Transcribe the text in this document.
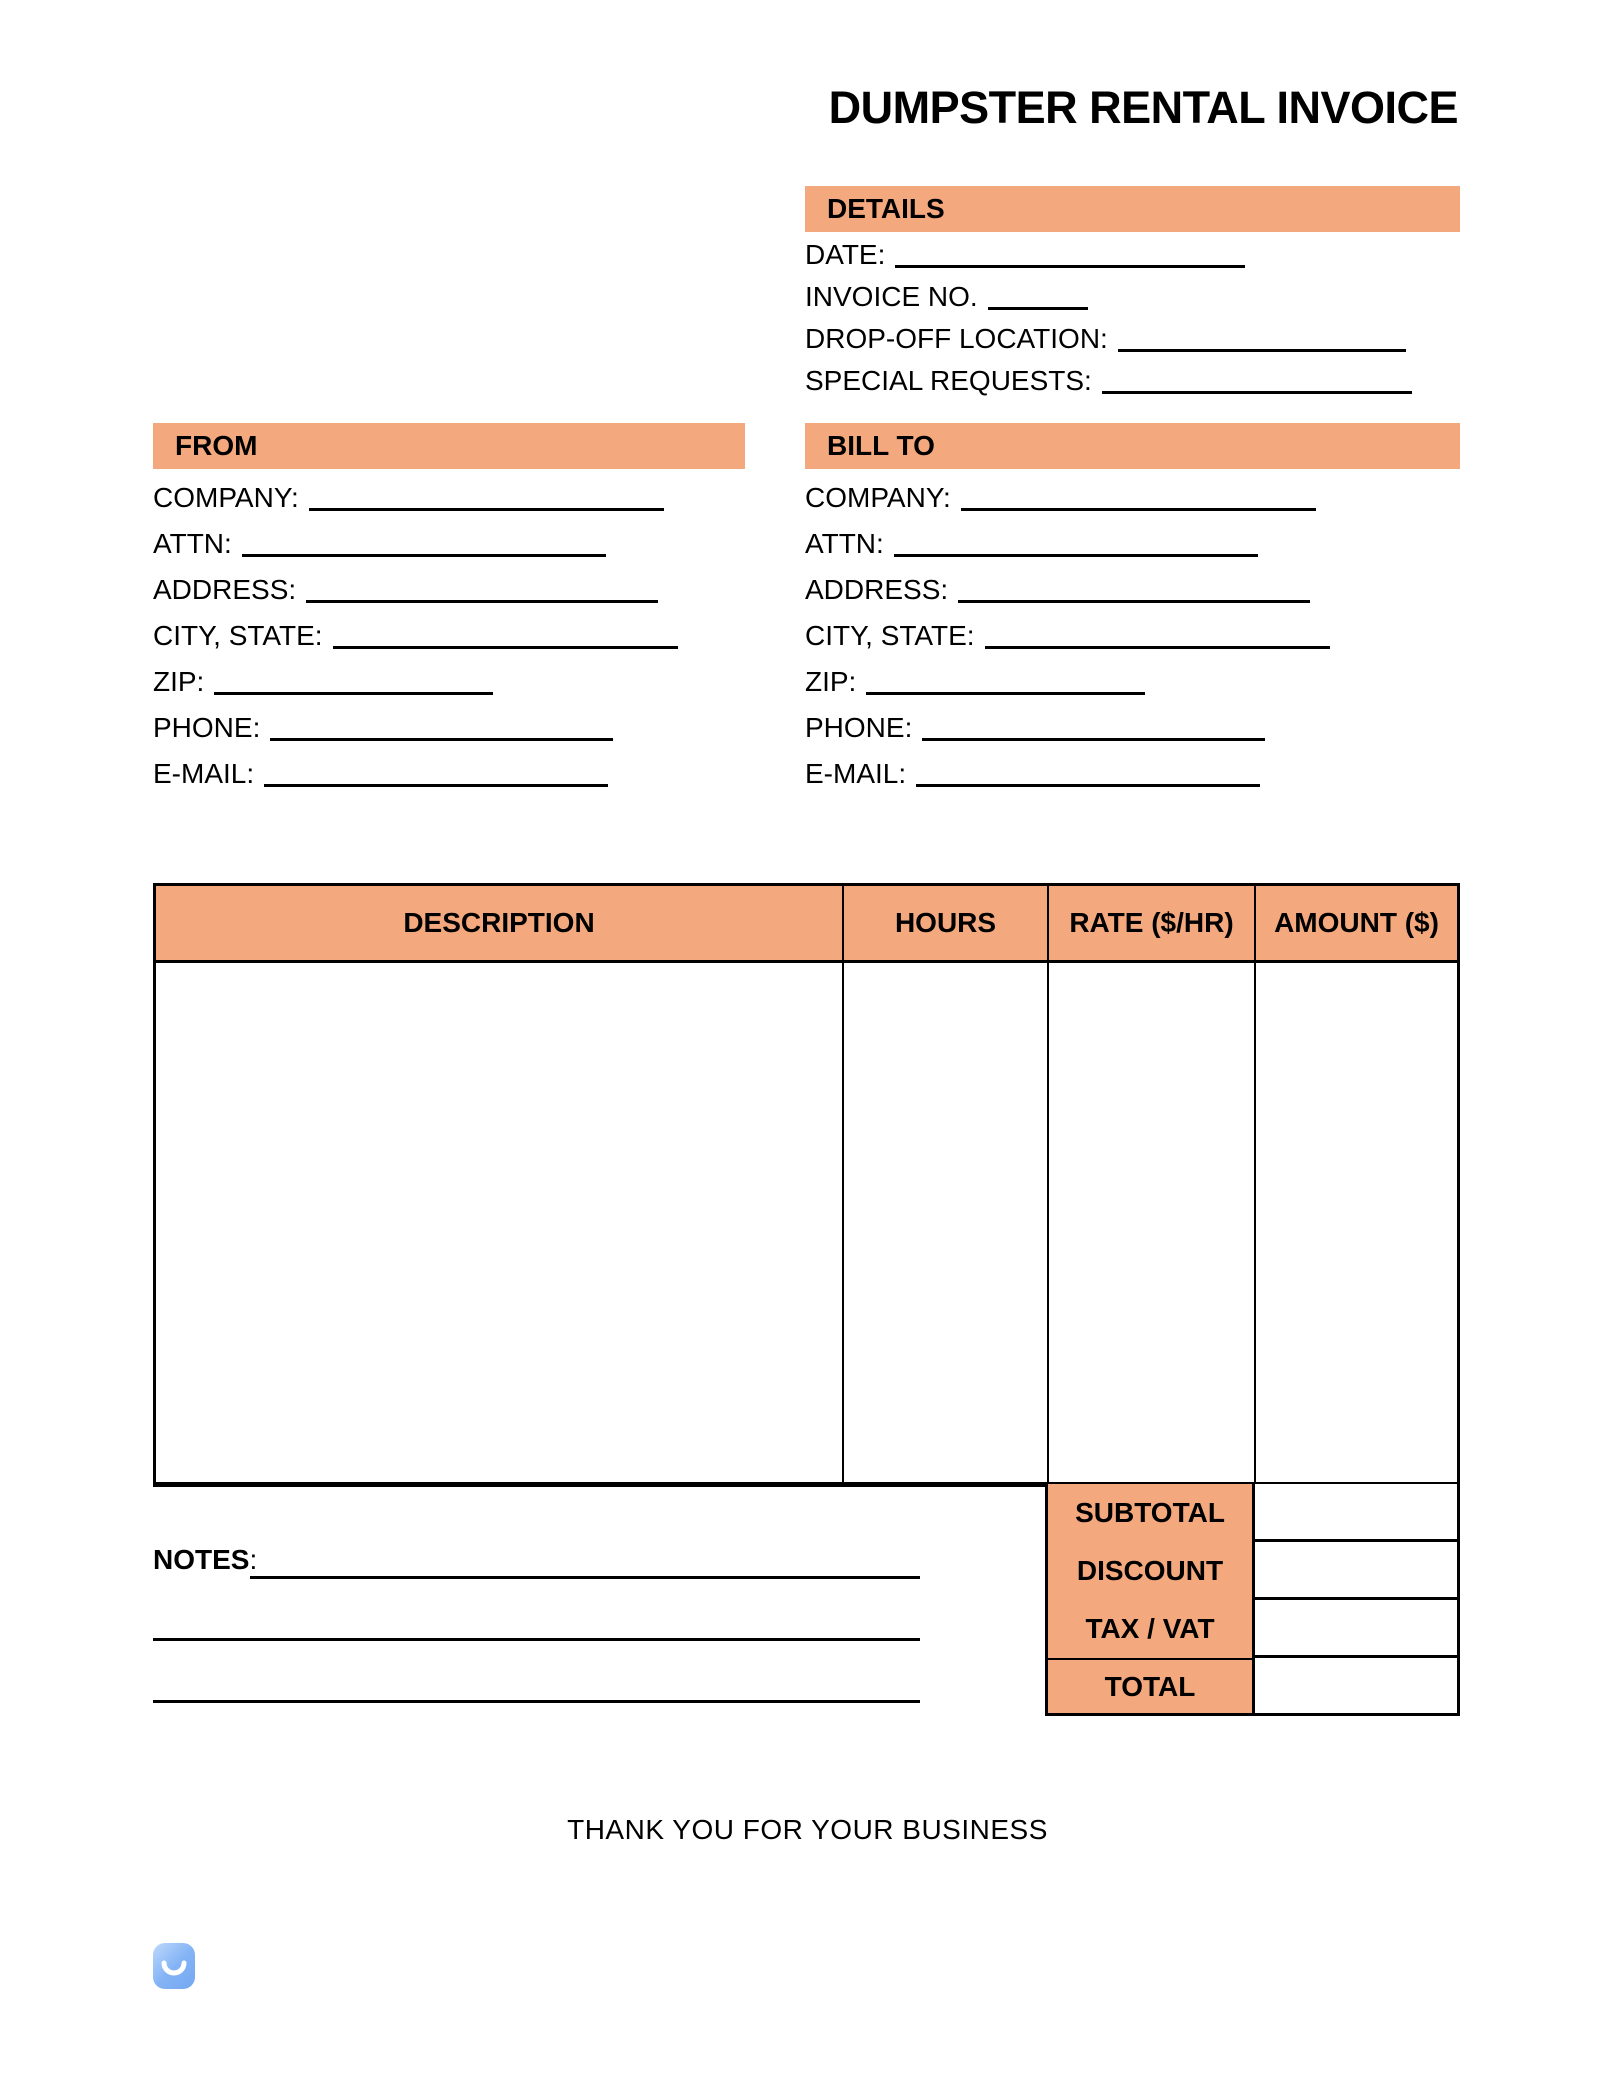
DUMPSTER RENTAL INVOICE
DETAILS
DATE:
INVOICE NO.
DROP-OFF LOCATION:
SPECIAL REQUESTS:
FROM
COMPANY:
ATTN:
ADDRESS:
CITY, STATE:
ZIP:
PHONE:
E-MAIL:
BILL TO
COMPANY:
ATTN:
ADDRESS:
CITY, STATE:
ZIP:
PHONE:
E-MAIL:
DESCRIPTION	HOURS	RATE ($/HR)	AMOUNT ($)
SUBTOTAL
DISCOUNT
TAX / VAT
TOTAL
NOTES:
THANK YOU FOR YOUR BUSINESS
